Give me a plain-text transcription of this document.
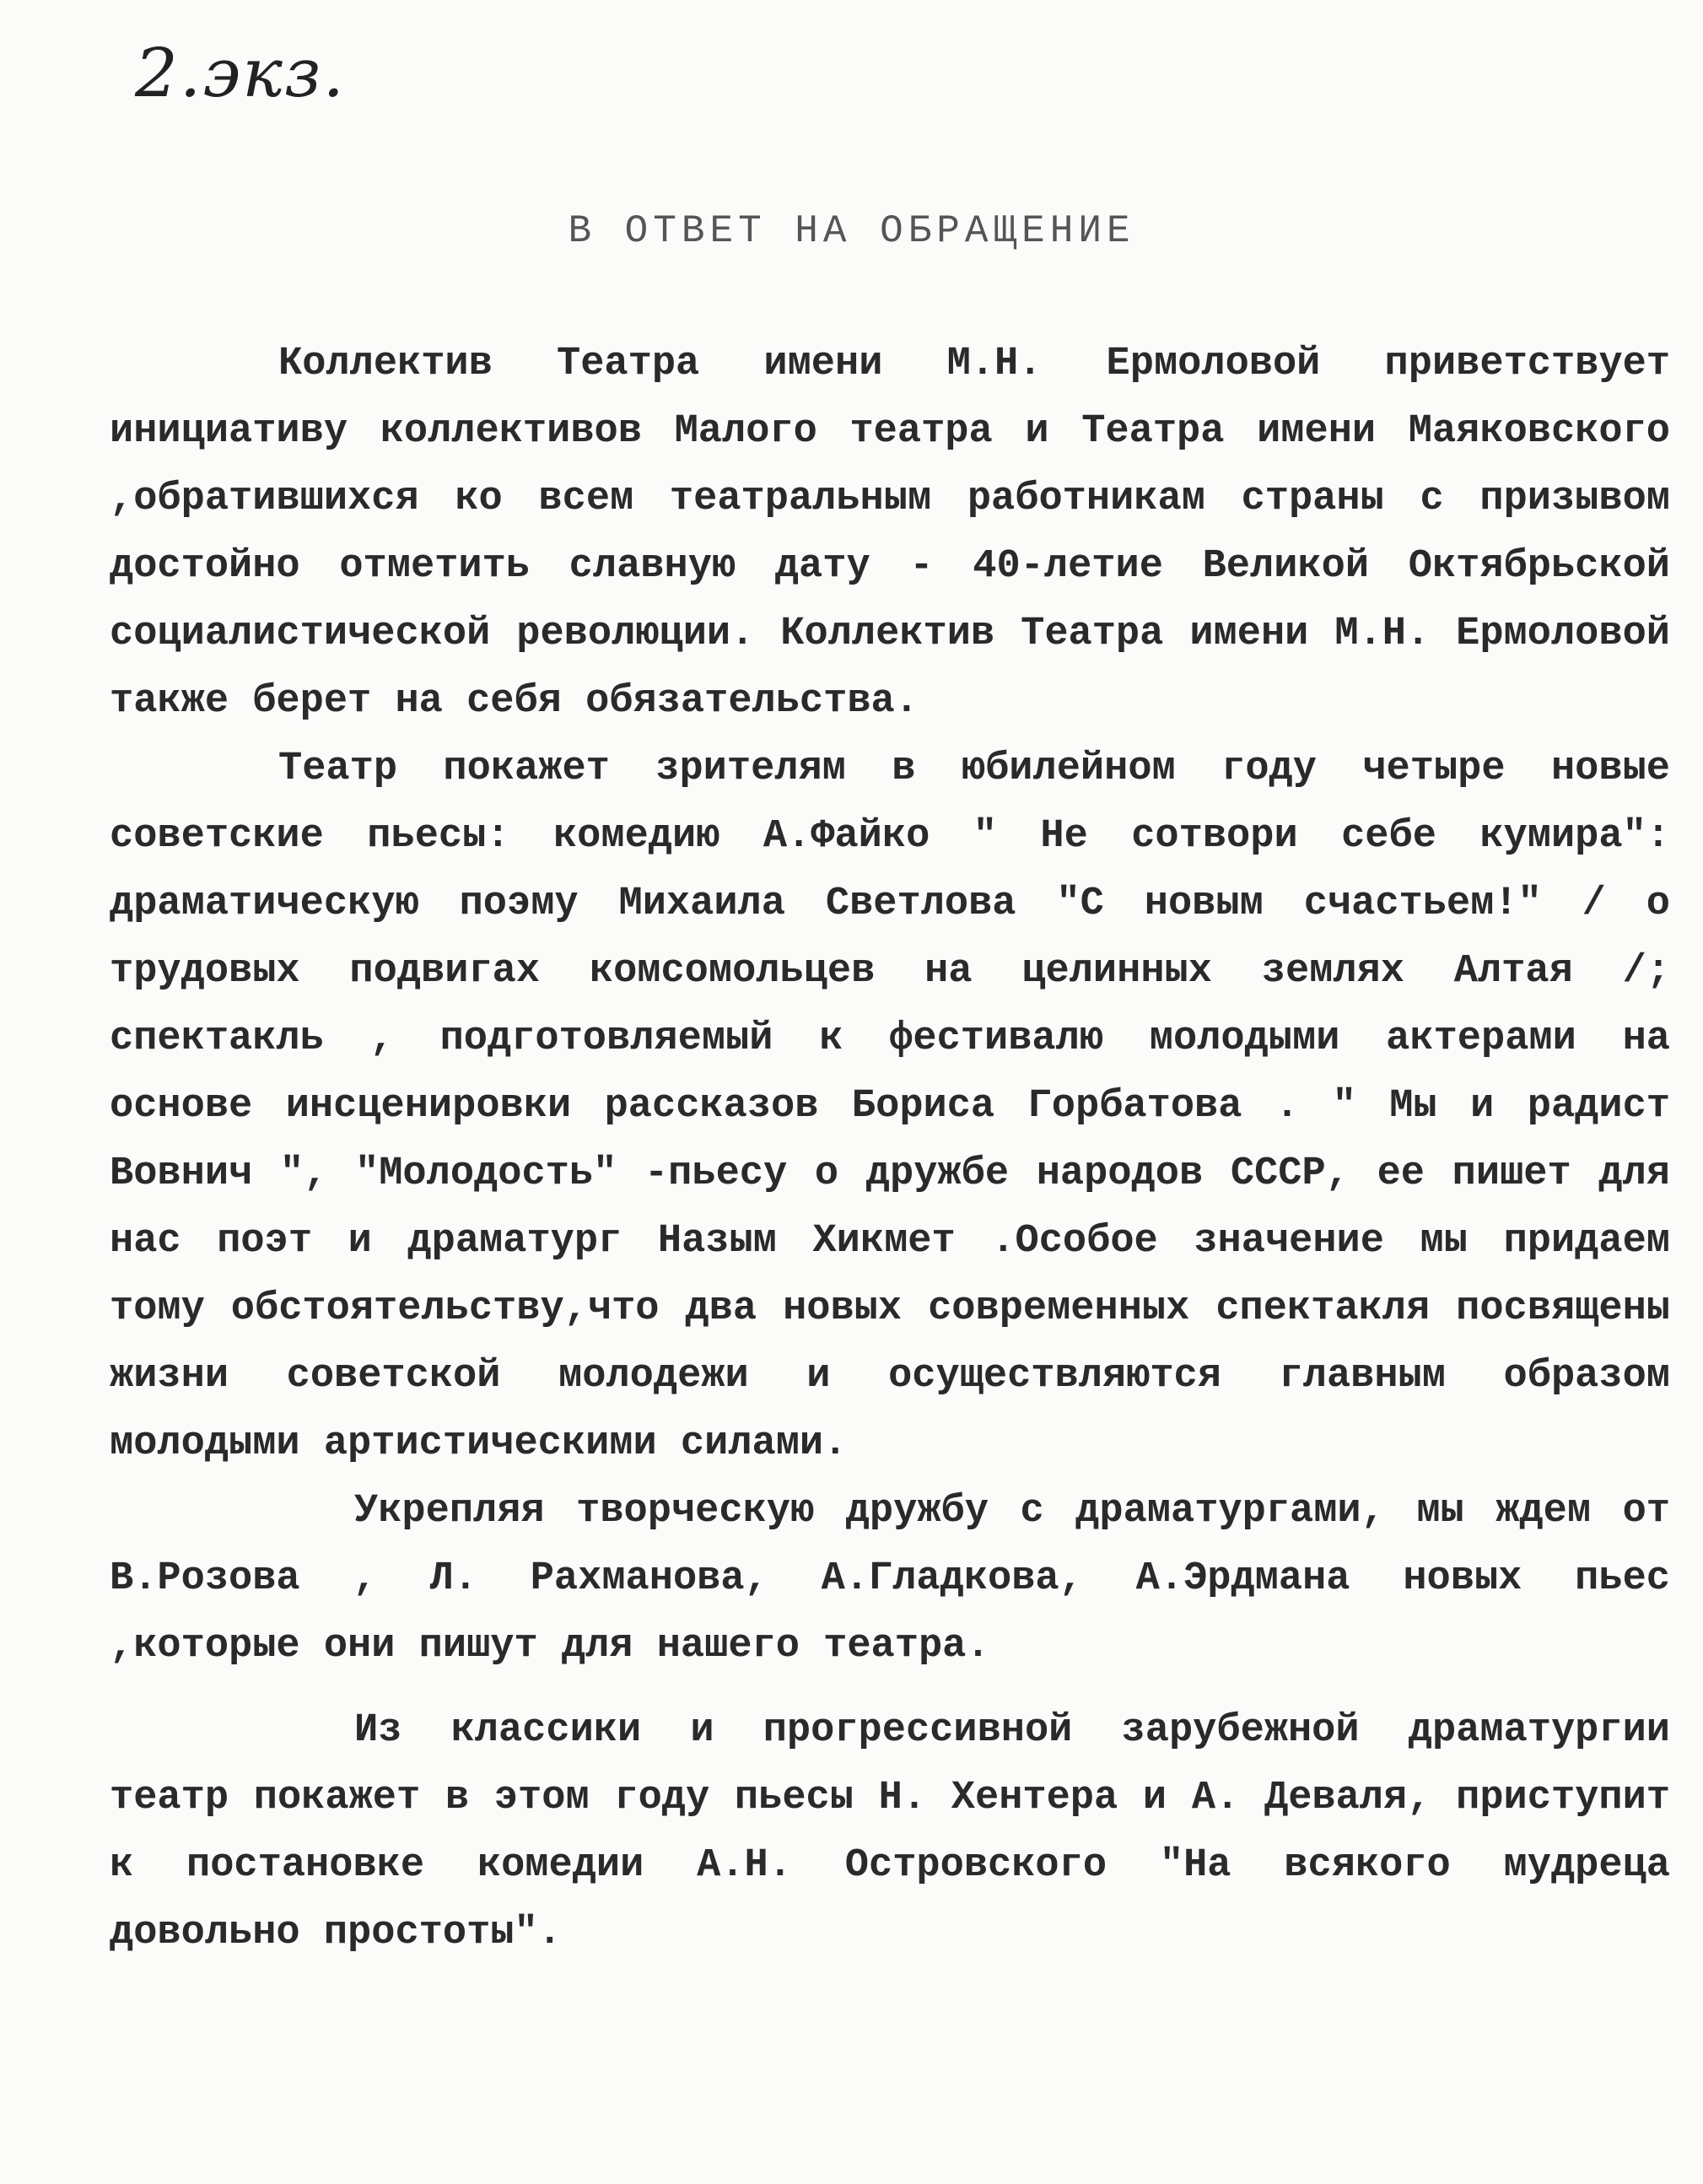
2.экз.
В ОТВЕТ НА ОБРАЩЕНИЕ

Коллектив Театра имени М.Н. Ермоловой приветствует инициативу коллективов Малого театра и Театра имени Маяковского ,обратившихся ко всем театральным работникам страны с призывом достойно отметить славную дату - 40-летие Великой Октябрьской социалистической революции. Коллектив Театра имени М.Н. Ермоловой также берет на себя обязательства.

Театр покажет зрителям в юбилейном году четыре новые советские пьесы: комедию А.Файко " Не сотвори себе кумира": драматическую поэму Михаила Светлова "С новым счастьем!" / о трудовых подвигах комсомольцев на целинных землях Алтая /; спектакль , подготовляемый к фестивалю молодыми актерами на основе инсценировки рассказов Бориса Горбатова . " Мы и радист Вовнич ", "Молодость" -пьесу о дружбе народов СССР, ее пишет для нас поэт и драматург Назым Хикмет .Особое значение мы придаем тому обстоятельству,что два новых современных спектакля посвящены жизни советской молодежи и осуществляются главным образом молодыми артистическими силами.

Укрепляя творческую дружбу с драматургами, мы ждем от В.Розова , Л. Рахманова, А.Гладкова, А.Эрдмана новых пьес ,которые они пишут для нашего театра.

Из классики и прогрессивной зарубежной драматургии театр покажет в этом году пьесы Н. Хентера и А. Деваля, приступит к постановке комедии А.Н. Островского "На всякого мудреца довольно простоты".
